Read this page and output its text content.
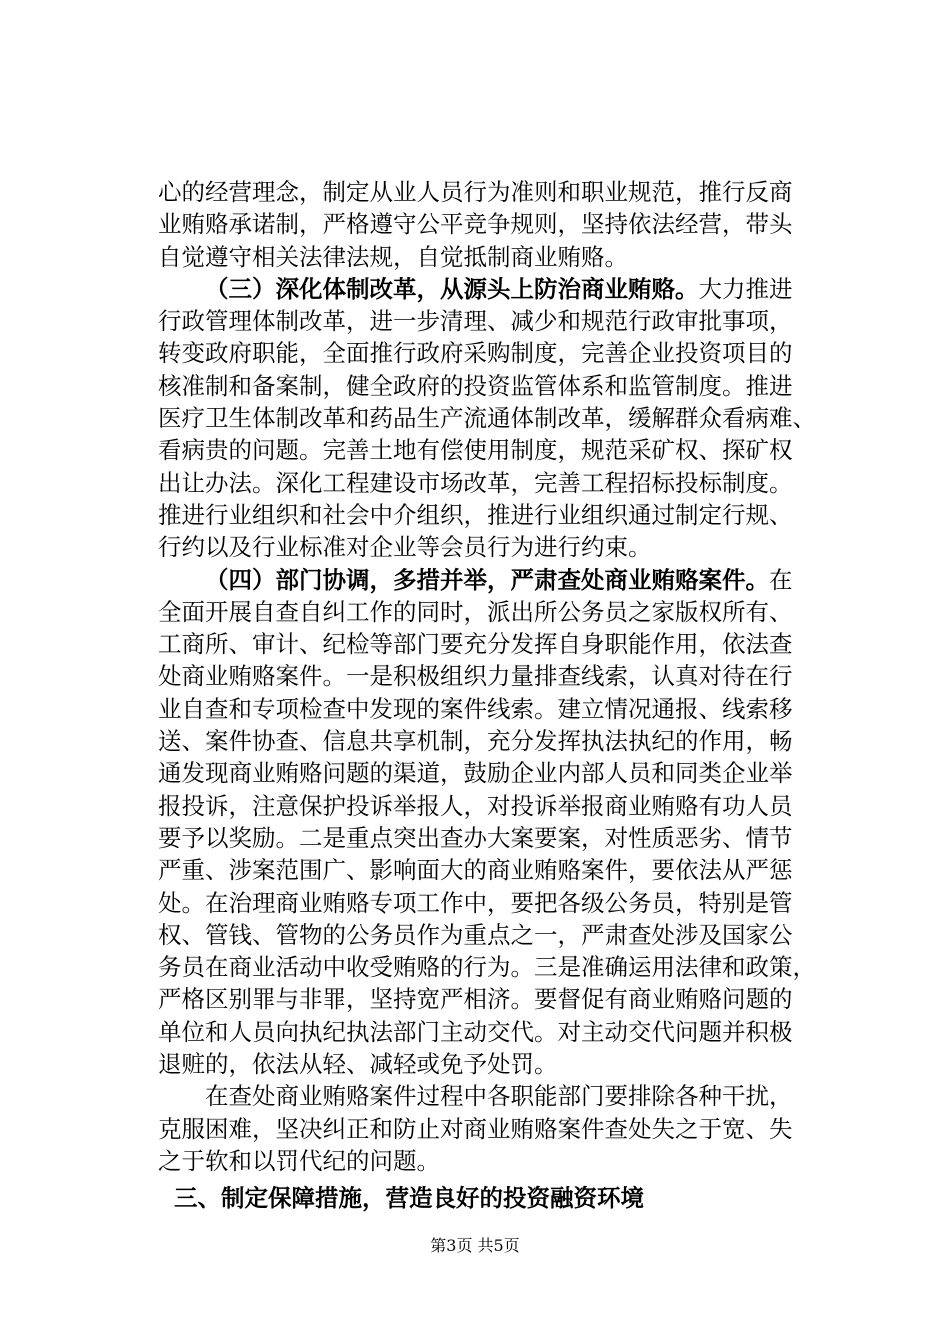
心的经营理念，制定从业人员行为准则和职业规范，推行反商
业贿赂承诺制，严格遵守公平竞争规则，坚持依法经营，带头
自觉遵守相关法律法规，自觉抵制商业贿赂。
（三）深化体制改革，从源头上防治商业贿赂。大力推进
行政管理体制改革，进一步清理、减少和规范行政审批事项，
转变政府职能，全面推行政府采购制度，完善企业投资项目的
核准制和备案制，健全政府的投资监管体系和监管制度。推进
医疗卫生体制改革和药品生产流通体制改革，缓解群众看病难、
看病贵的问题。完善土地有偿使用制度，规范采矿权、探矿权
出让办法。深化工程建设市场改革，完善工程招标投标制度。
推进行业组织和社会中介组织，推进行业组织通过制定行规、
行约以及行业标准对企业等会员行为进行约束。
（四）部门协调，多措并举，严肃查处商业贿赂案件。在
全面开展自查自纠工作的同时，派出所公务员之家版权所有、
工商所、审计、纪检等部门要充分发挥自身职能作用，依法查
处商业贿赂案件。一是积极组织力量排查线索，认真对待在行
业自查和专项检查中发现的案件线索。建立情况通报、线索移
送、案件协查、信息共享机制，充分发挥执法执纪的作用，畅
通发现商业贿赂问题的渠道，鼓励企业内部人员和同类企业举
报投诉，注意保护投诉举报人，对投诉举报商业贿赂有功人员
要予以奖励。二是重点突出查办大案要案，对性质恶劣、情节
严重、涉案范围广、影响面大的商业贿赂案件，要依法从严惩
处。在治理商业贿赂专项工作中，要把各级公务员，特别是管
权、管钱、管物的公务员作为重点之一，严肃查处涉及国家公
务员在商业活动中收受贿赂的行为。三是准确运用法律和政策，
严格区别罪与非罪，坚持宽严相济。要督促有商业贿赂问题的
单位和人员向执纪执法部门主动交代。对主动交代问题并积极
退赃的，依法从轻、减轻或免予处罚。
在查处商业贿赂案件过程中各职能部门要排除各种干扰，
克服困难，坚决纠正和防止对商业贿赂案件查处失之于宽、失
之于软和以罚代纪的问题。
三、制定保障措施，营造良好的投资融资环境
第3页 共5页
